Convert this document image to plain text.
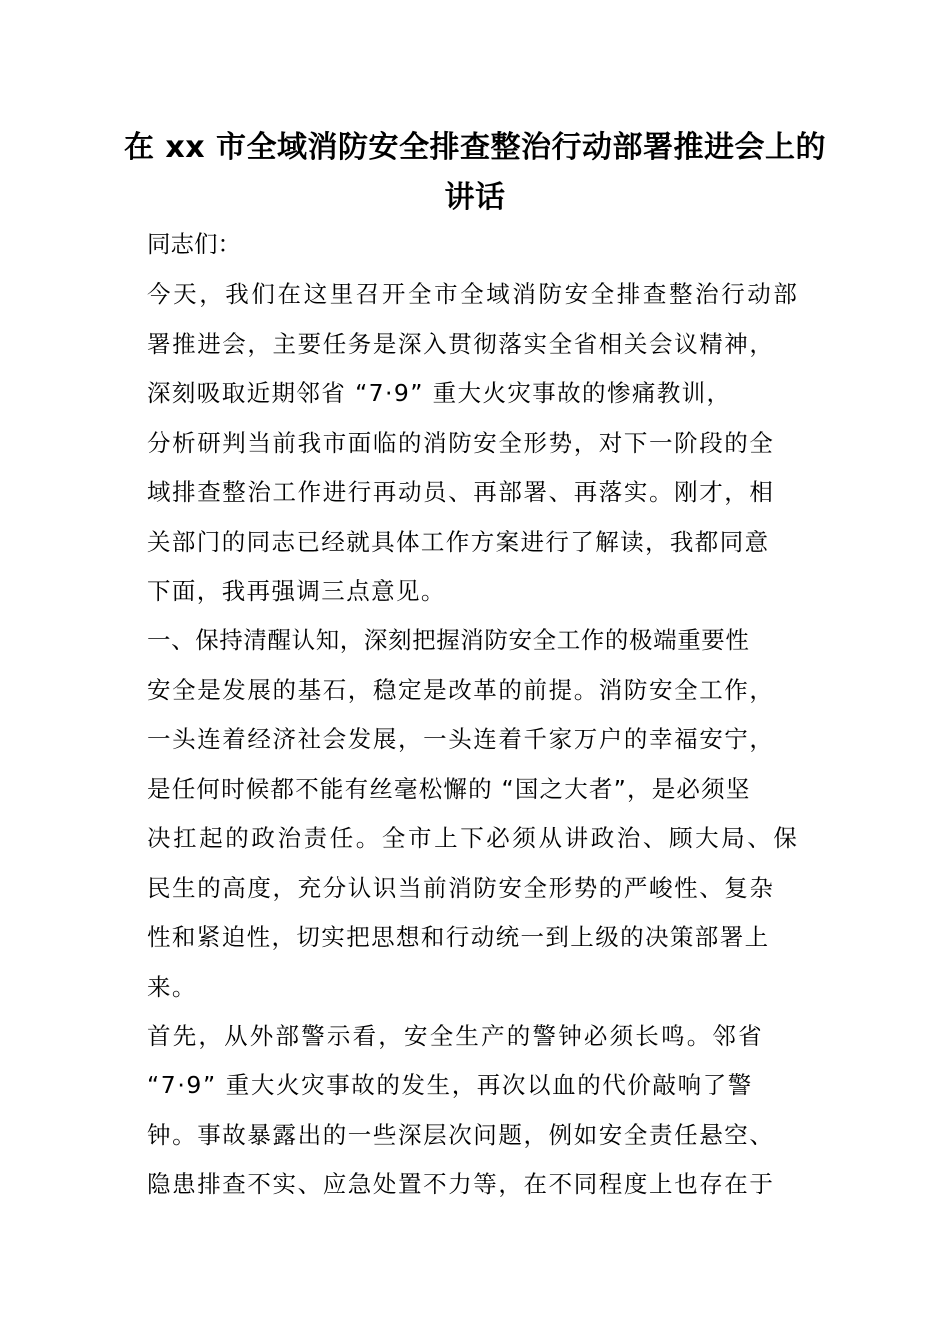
在 xx 市全域消防安全排查整治行动部署推进会上的
讲话
同志们：
今天，我们在这里召开全市全域消防安全排查整治行动部
署推进会，主要任务是深入贯彻落实全省相关会议精神，
深刻吸取近期邻省 “7·9” 重大火灾事故的惨痛教训，
分析研判当前我市面临的消防安全形势，对下一阶段的全
域排查整治工作进行再动员、再部署、再落实。刚才，相
关部门的同志已经就具体工作方案进行了解读，我都同意
下面，我再强调三点意见。
一、保持清醒认知，深刻把握消防安全工作的极端重要性
安全是发展的基石，稳定是改革的前提。消防安全工作，
一头连着经济社会发展，一头连着千家万户的幸福安宁，
是任何时候都不能有丝毫松懈的 “国之大者”，是必须坚
决扛起的政治责任。全市上下必须从讲政治、顾大局、保
民生的高度，充分认识当前消防安全形势的严峻性、复杂
性和紧迫性，切实把思想和行动统一到上级的决策部署上
来。
首先，从外部警示看，安全生产的警钟必须长鸣。邻省
“7·9” 重大火灾事故的发生，再次以血的代价敲响了警
钟。事故暴露出的一些深层次问题，例如安全责任悬空、
隐患排查不实、应急处置不力等，在不同程度上也存在于
